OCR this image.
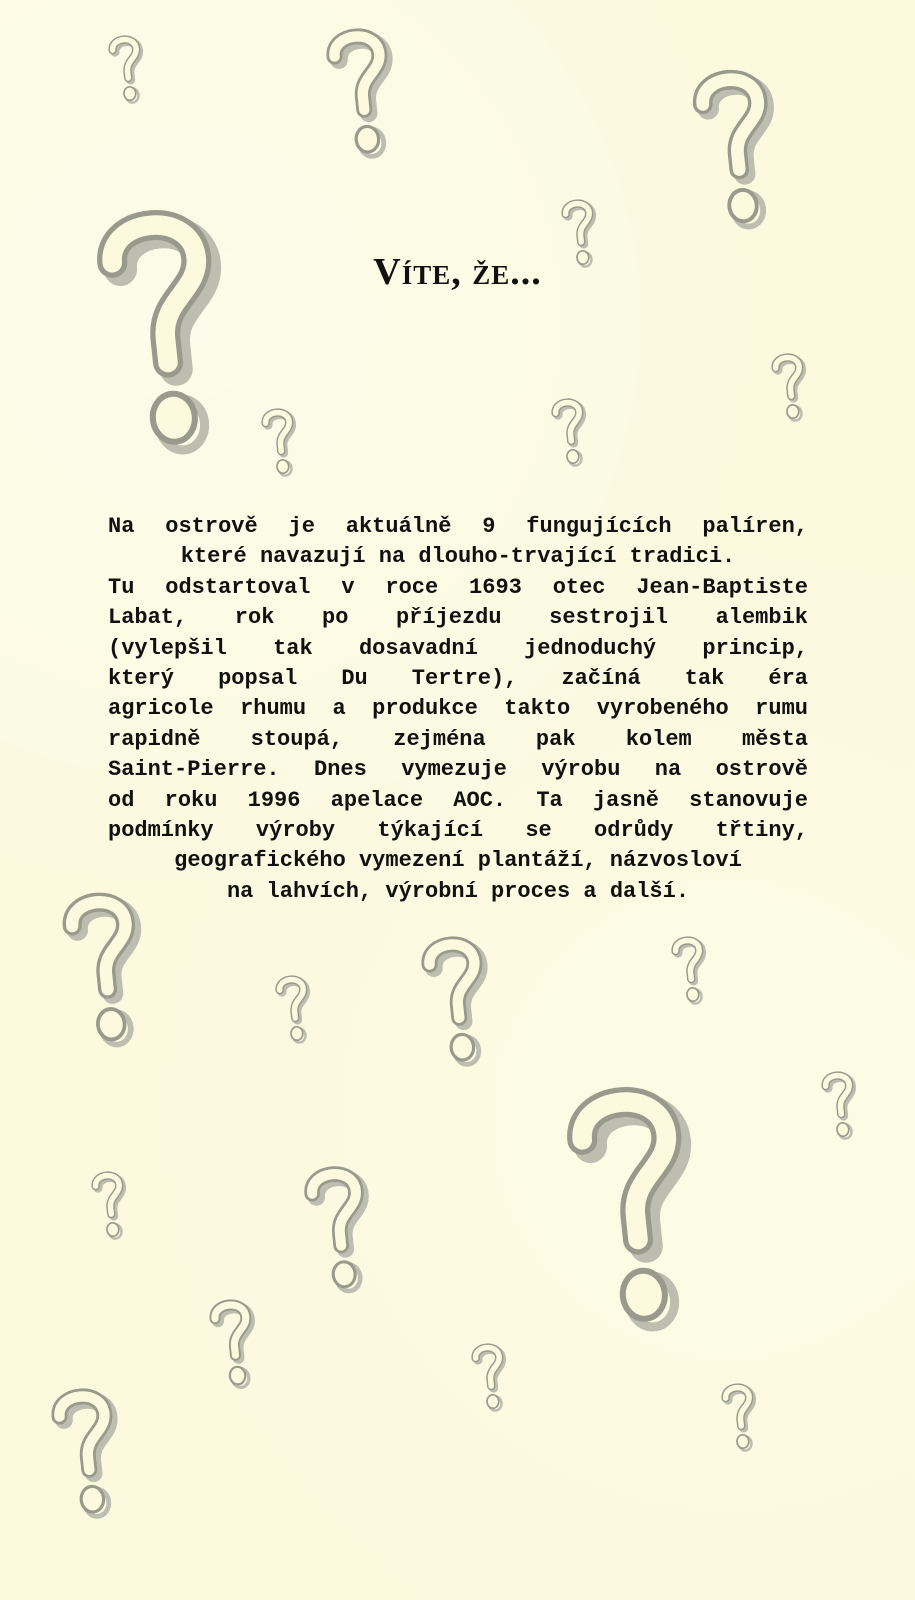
Víte, že...
Na ostrově je aktuálně 9 fungujících palíren,
které navazují na dlouho-trvající tradici.
Tu odstartoval v roce 1693 otec Jean-Baptiste
Labat, rok po příjezdu sestrojil alembik
(vylepšil tak dosavadní jednoduchý princip,
který popsal Du Tertre), začíná tak éra
agricole rhumu a produkce takto vyrobeného rumu
rapidně stoupá, zejména pak kolem města
Saint-Pierre. Dnes vymezuje výrobu na ostrově
od roku 1996 apelace AOC. Ta jasně stanovuje
podmínky výroby týkající se odrůdy třtiny,
geografického vymezení plantáží, názvosloví
na lahvích, výrobní proces a další.
